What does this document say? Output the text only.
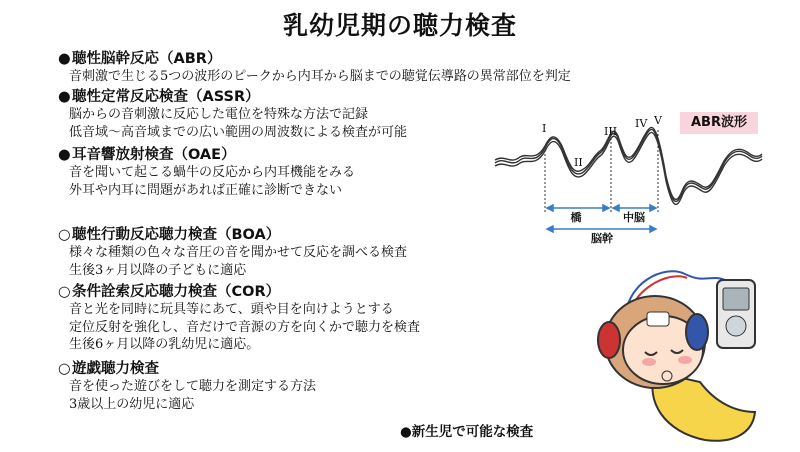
乳幼児期の聴力検査
●聴性脳幹反応（ABR）
音刺激で生じる5つの波形のピークから内耳から脳までの聴覚伝導路の異常部位を判定
●聴性定常反応検査（ASSR）
脳からの音刺激に反応した電位を特殊な方法で記録
低音域～高音域までの広い範囲の周波数による検査が可能
●耳音響放射検査（OAE）
音を聞いて起こる蝸牛の反応から内耳機能をみる
外耳や内耳に問題があれば正確に診断できない
○聴性行動反応聴力検査（BOA）
様々な種類の色々な音圧の音を聞かせて反応を調べる検査
生後3ヶ月以降の子どもに適応
○条件詮索反応聴力検査（COR）
音と光を同時に玩具等にあて、頭や目を向けようとする
定位反射を強化し、音だけで音源の方を向くかで聴力を検査
生後6ヶ月以降の乳幼児に適応。
○遊戯聴力検査
音を使った遊びをして聴力を測定する方法
3歳以上の幼児に適応
ABR波形
I
II
III
IV V
橋	中脳
脳幹
●新生児で可能な検査
